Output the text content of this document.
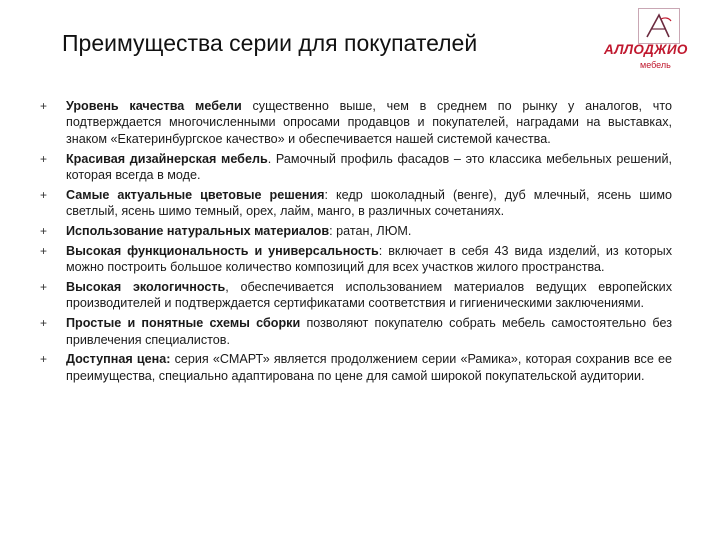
Преимущества серии для покупателей	АЛЛОДЖИО
мебель
+	Уровень качества мебели существенно выше, чем в среднем по рынку у аналогов, что подтверждается многочисленными опросами продавцов и покупателей, наградами на выставках, знаком «Екатеринбургское качество» и обеспечивается нашей системой качества.
+	Красивая дизайнерская мебель. Рамочный профиль фасадов – это классика мебельных решений, которая всегда в моде.
+	Самые актуальные цветовые решения: кедр шоколадный (венге), дуб млечный, ясень шимо светлый, ясень шимо темный, орех, лайм, манго, в различных сочетаниях.
+	Использование натуральных материалов: ратан, ЛЮМ.
+	Высокая функциональность и универсальность: включает в себя 43 вида изделий, из которых можно построить большое количество композиций для всех участков жилого пространства.
+	Высокая экологичность, обеспечивается использованием материалов ведущих европейских производителей и подтверждается сертификатами соответствия и гигиеническими заключениями.
+	Простые и понятные схемы сборки позволяют покупателю собрать мебель самостоятельно без привлечения специалистов.
+	Доступная цена: серия «СМАРТ» является продолжением серии «Рамика», которая сохранив все ее преимущества, специально адаптирована по цене для самой широкой покупательской аудитории.
